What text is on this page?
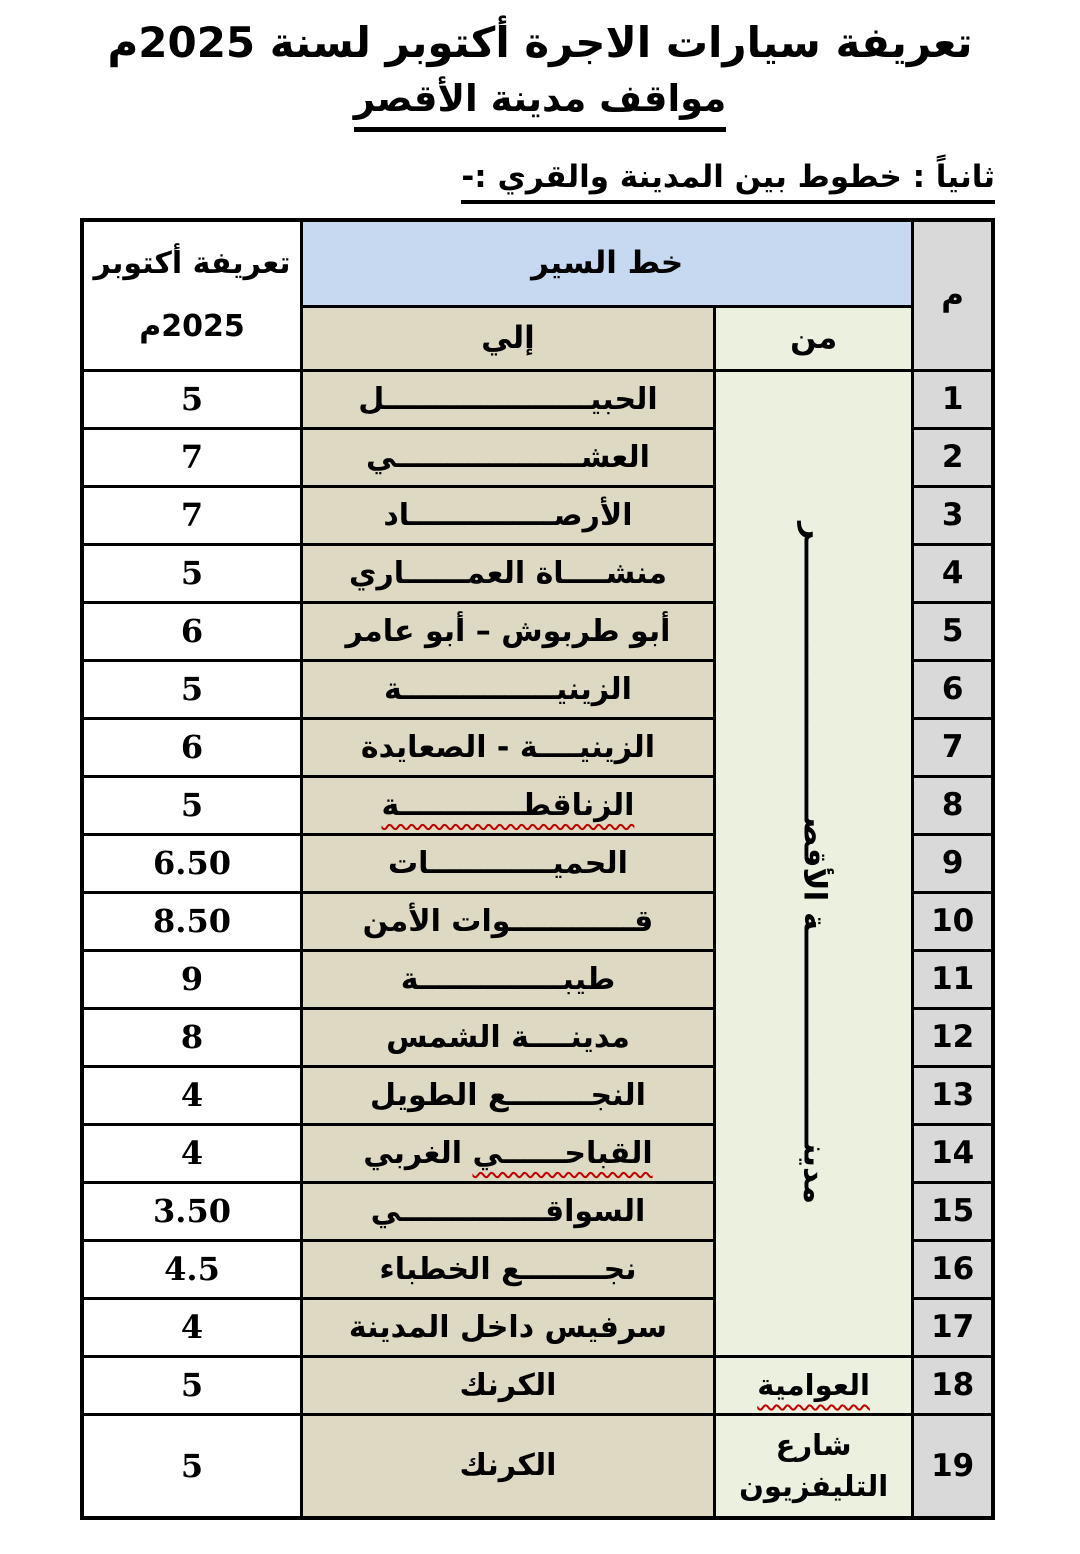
تعريفة سيارات الاجرة أكتوبر لسنة 2025م
مواقف مدينة الأقصر
ثانياً : خطوط بين المدينة والقري :-
م	خط السير		تعريفة أكتوبر
2025م

	من	إلي	
1	مدينــــــــــــــــــــة الأقصــــــــــــــــــــــــــر	الحبيــــــــــــــــــــل	5
2		العشــــــــــــــــــي	7
3		الأرصــــــــــــــاد	7
4		منشــــاة العمــــــاري	5
5		أبو طربوش – أبو عامر	6
6		الزينيـــــــــــــــة	5
7		الزينيــــة - الصعايدة	6
8		الزناقطــــــــــــة	5
9		الحميــــــــــــات	6.50
10		قــــــــــــوات الأمن	8.50
11		طيبــــــــــــــة	9
12		مدينــــة الشمس	8
13		النجــــــــع الطويل	4
14		القباحــــــي الغربي	4
15		السواقــــــــــــــي	3.50
16		نجــــــــع الخطباء	4.5
17		سرفيس داخل المدينة	4
18	العوامية	الكرنك	5
19	شارع التليفزيون	الكرنك	5
